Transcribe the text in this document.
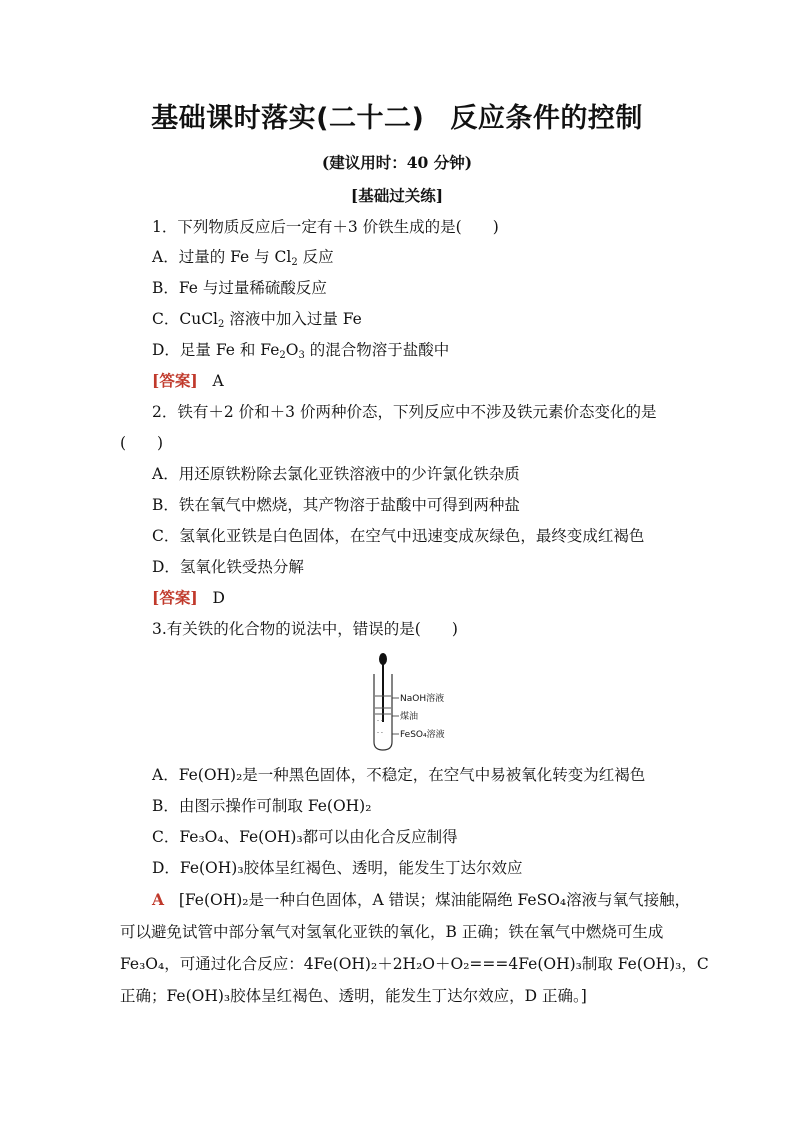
基础课时落实(二十二) 反应条件的控制
(建议用时：40 分钟)
[基础过关练]
1．下列物质反应后一定有＋3 价铁生成的是(　　)
A．过量的 Fe 与 $Cl_2$ 反应
B．Fe 与过量稀硫酸反应
C．CuCl$_2$ 溶液中加入过量 Fe
D．足量 Fe 和 $Fe_2O_3$ 的混合物溶于盐酸中
[答案] A
2．铁有＋2 价和＋3 价两种价态，下列反应中不涉及铁元素价态变化的是
(　　)
A．用还原铁粉除去氯化亚铁溶液中的少许氯化铁杂质
B．铁在氧气中燃烧，其产物溶于盐酸中可得到两种盐
C．氢氧化亚铁是白色固体，在空气中迅速变成灰绿色，最终变成红褐色
D．氢氧化铁受热分解
[答案] D
3.有关铁的化合物的说法中，错误的是(　　)
- -
- -
NaOH溶液
煤油
FeSO₄溶液
A．Fe(OH)₂是一种黑色固体，不稳定，在空气中易被氧化转变为红褐色
B．由图示操作可制取 Fe(OH)₂
C．Fe₃O₄、Fe(OH)₃都可以由化合反应制得
D．Fe(OH)₃胶体呈红褐色、透明，能发生丁达尔效应
A [Fe(OH)₂是一种白色固体，A 错误；煤油能隔绝 FeSO₄溶液与氧气接触，
可以避免试管中部分氧气对氢氧化亚铁的氧化，B 正确；铁在氧气中燃烧可生成
Fe₃O₄，可通过化合反应：4Fe(OH)₂＋2H₂O＋O₂===4Fe(OH)₃制取 Fe(OH)₃，C
正确；Fe(OH)₃胶体呈红褐色、透明，能发生丁达尔效应，D 正确。]
